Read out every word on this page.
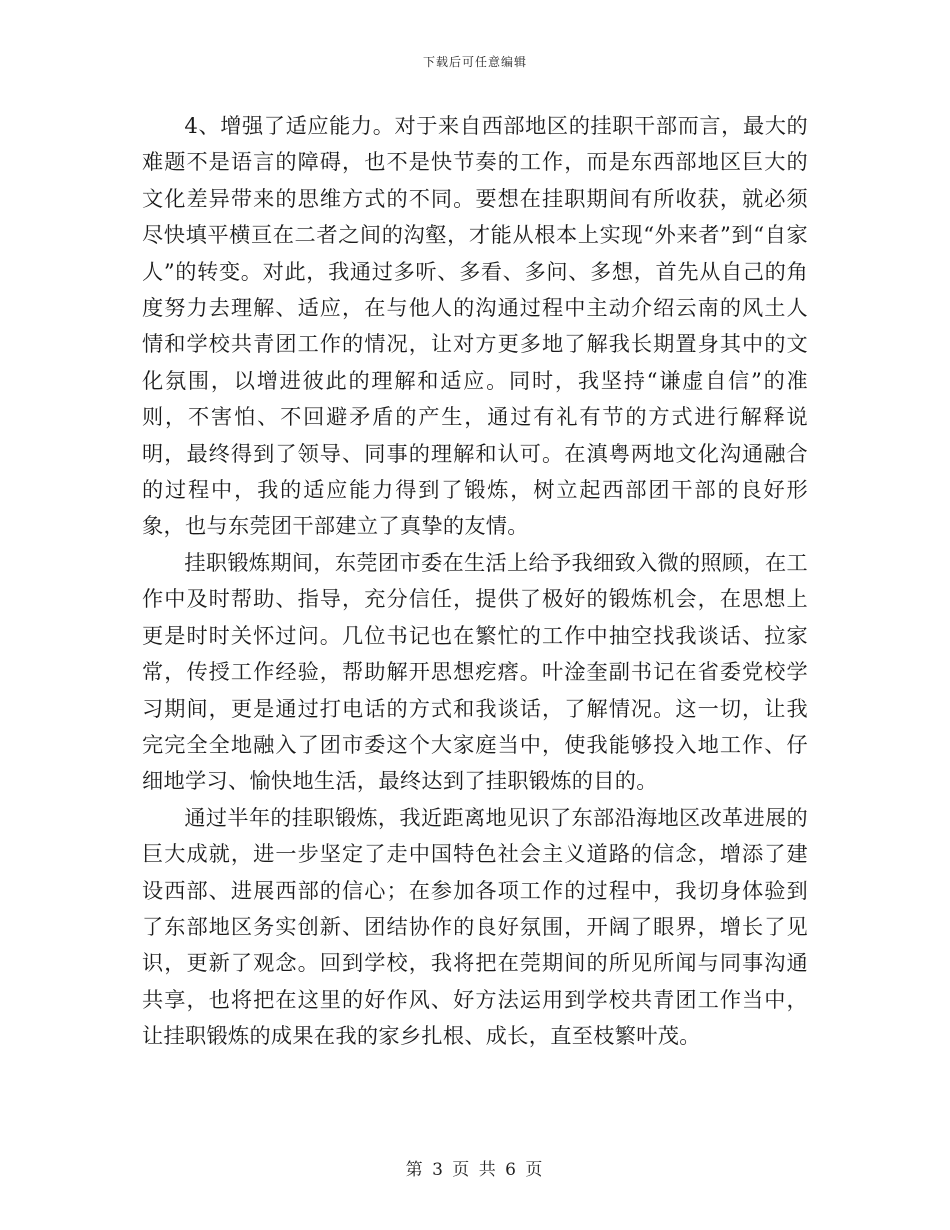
下载后可任意编辑

4、增强了适应能力。对于来自西部地区的挂职干部而言，最大的难题不是语言的障碍，也不是快节奏的工作，而是东西部地区巨大的文化差异带来的思维方式的不同。要想在挂职期间有所收获，就必须尽快填平横亘在二者之间的沟壑，才能从根本上实现“外来者”到“自家人”的转变。对此，我通过多听、多看、多问、多想，首先从自己的角度努力去理解、适应，在与他人的沟通过程中主动介绍云南的风土人情和学校共青团工作的情况，让对方更多地了解我长期置身其中的文化氛围，以增进彼此的理解和适应。同时，我坚持“谦虚自信”的准则，不害怕、不回避矛盾的产生，通过有礼有节的方式进行解释说明，最终得到了领导、同事的理解和认可。在滇粤两地文化沟通融合的过程中，我的适应能力得到了锻炼，树立起西部团干部的良好形象，也与东莞团干部建立了真挚的友情。

挂职锻炼期间，东莞团市委在生活上给予我细致入微的照顾，在工作中及时帮助、指导，充分信任，提供了极好的锻炼机会，在思想上更是时时关怀过问。几位书记也在繁忙的工作中抽空找我谈话、拉家常，传授工作经验，帮助解开思想疙瘩。叶淦奎副书记在省委党校学习期间，更是通过打电话的方式和我谈话，了解情况。这一切，让我完完全全地融入了团市委这个大家庭当中，使我能够投入地工作、仔细地学习、愉快地生活，最终达到了挂职锻炼的目的。

通过半年的挂职锻炼，我近距离地见识了东部沿海地区改革进展的巨大成就，进一步坚定了走中国特色社会主义道路的信念，增添了建设西部、进展西部的信心；在参加各项工作的过程中，我切身体验到了东部地区务实创新、团结协作的良好氛围，开阔了眼界，增长了见识，更新了观念。回到学校，我将把在莞期间的所见所闻与同事沟通共享，也将把在这里的好作风、好方法运用到学校共青团工作当中，让挂职锻炼的成果在我的家乡扎根、成长，直至枝繁叶茂。

第 3 页 共 6 页
